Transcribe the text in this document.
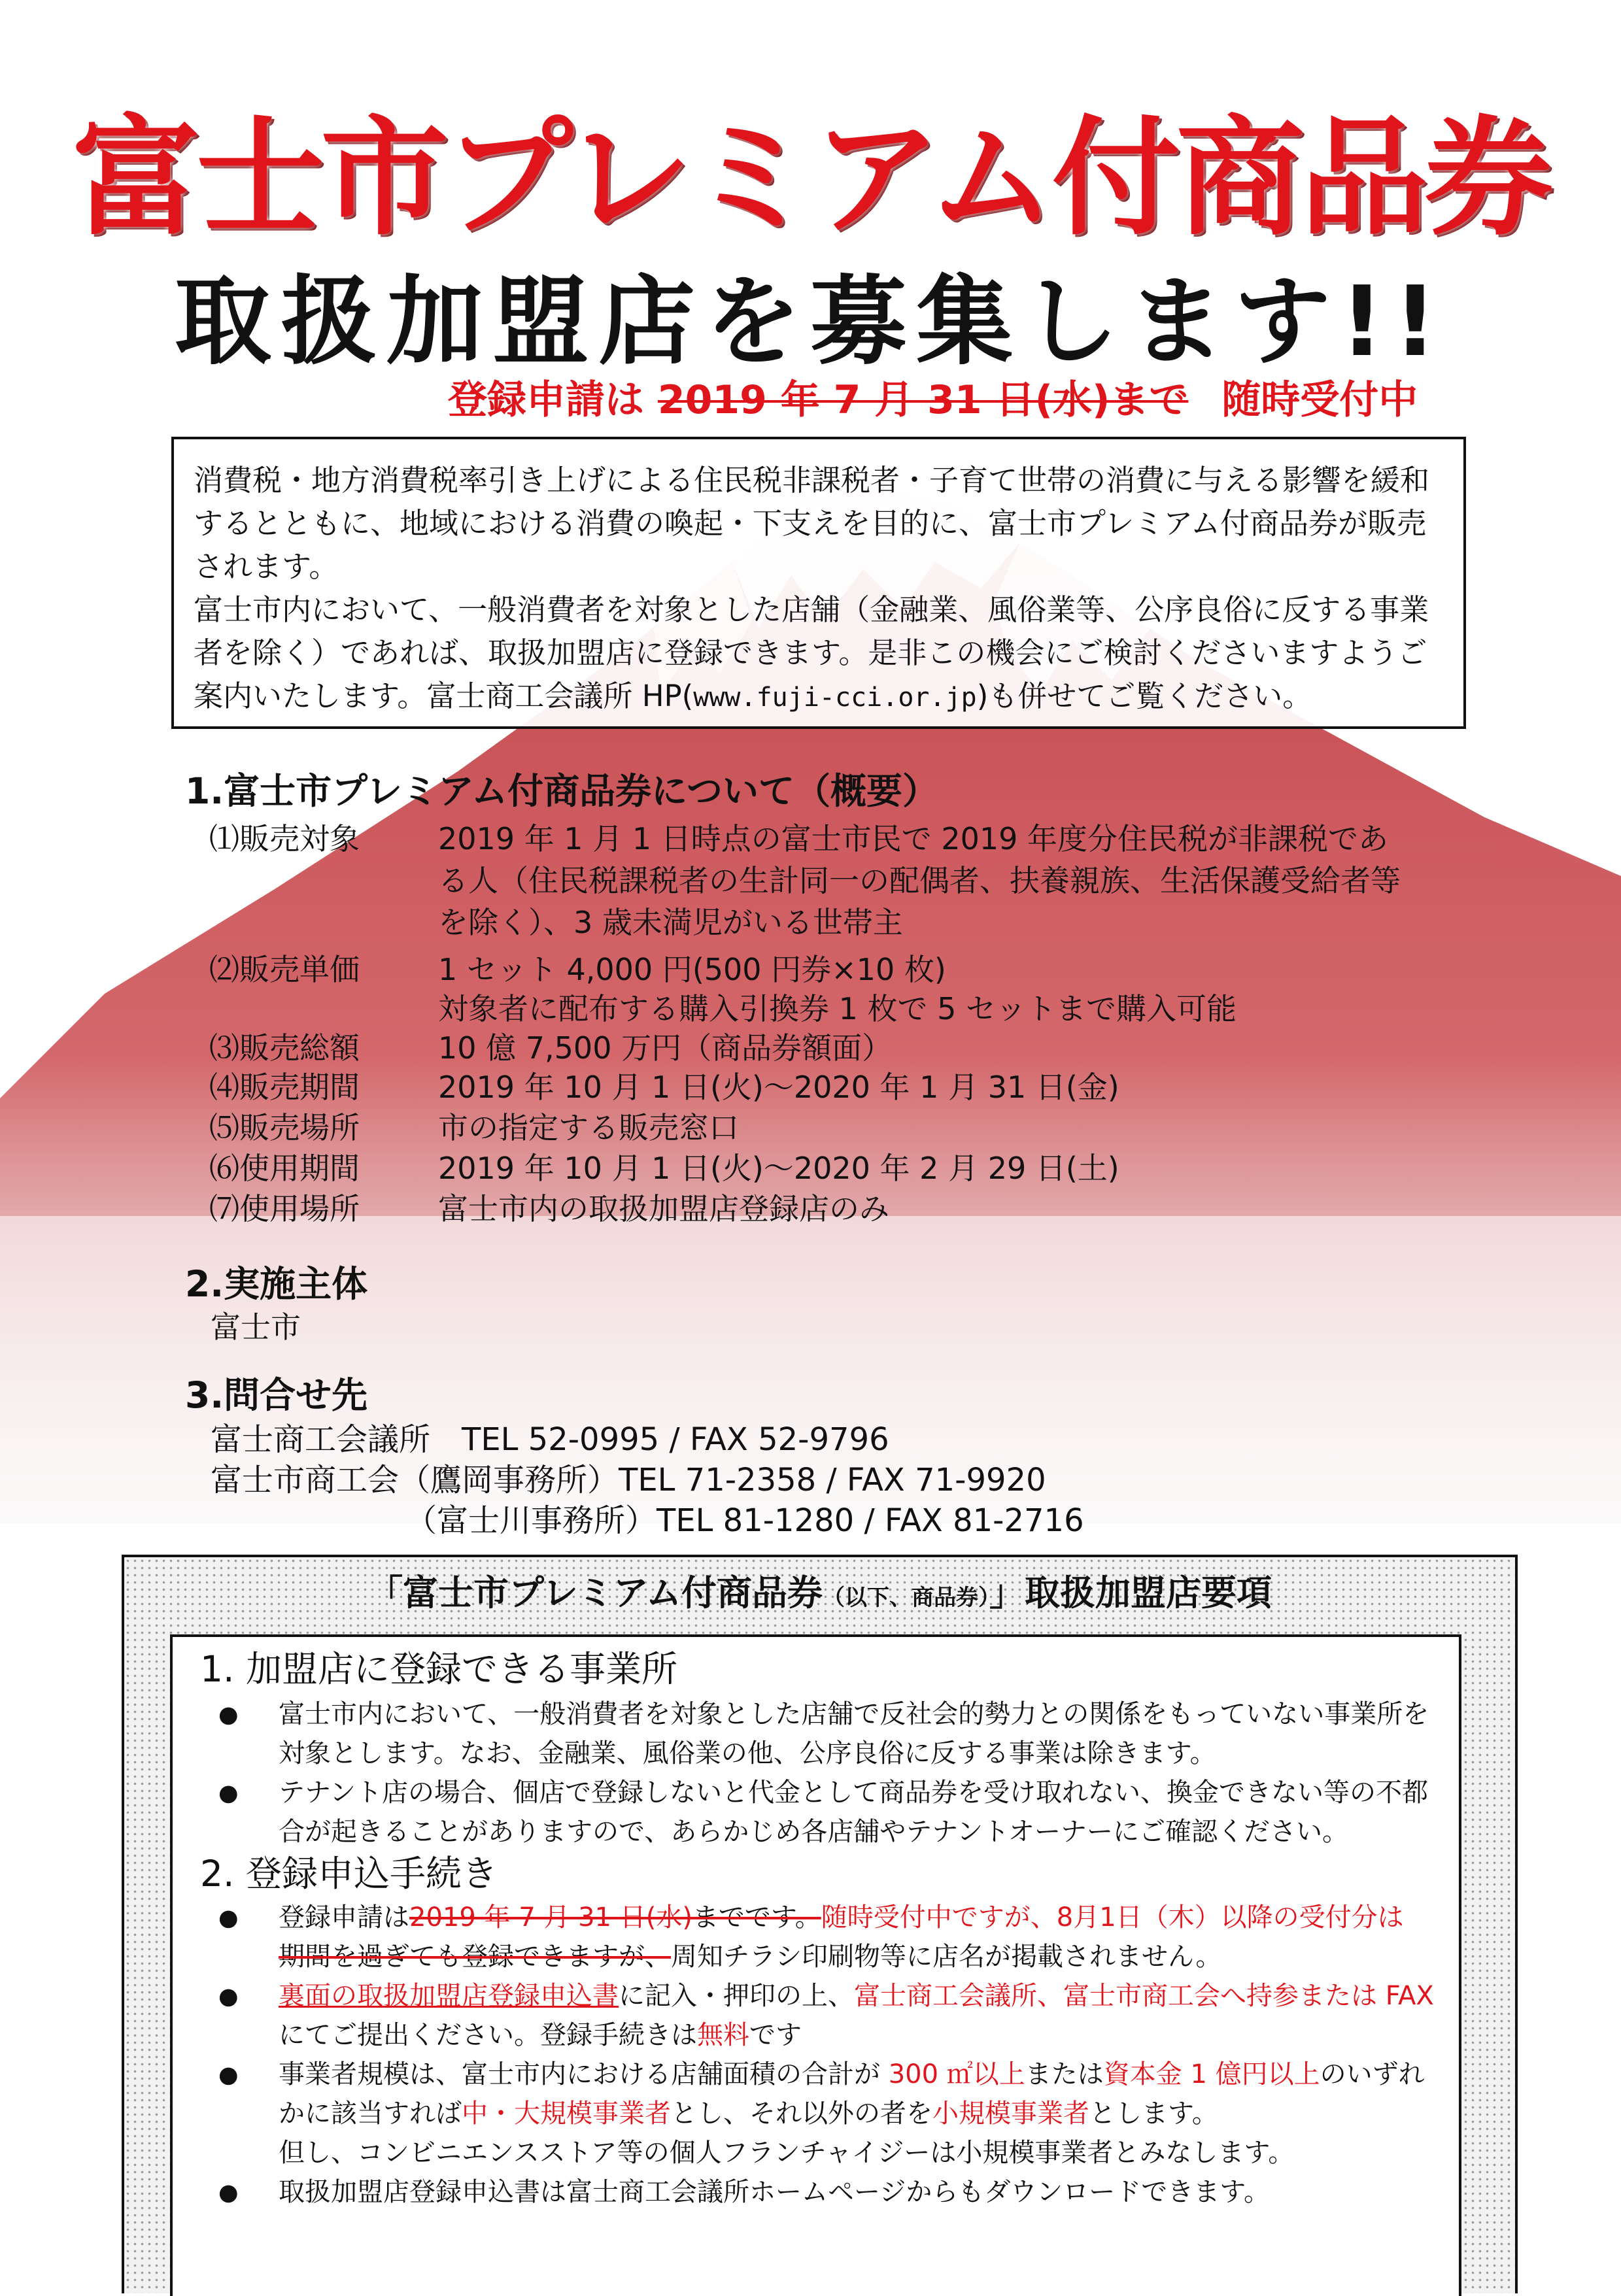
富士市プレミアム付商品券
取扱加盟店を募集します!!
登録申請は 2019 年 7 月 31 日(水)まで 随時受付中

消費税・地方消費税率引き上げによる住民税非課税者・子育て世帯の消費に与える影響を緩和するとともに、地域における消費の喚起・下支えを目的に、富士市プレミアム付商品券が販売されます。

富士市内において、一般消費者を対象とした店舗（金融業、風俗業等、公序良俗に反する事業者を除く）であれば、取扱加盟店に登録できます。是非この機会にご検討くださいますようご案内いたします。富士商工会議所 HP(www.fuji-cci.or.jp)も併せてご覧ください。

1.富士市プレミアム付商品券について（概要）
⑴販売対象	2019 年 1 月 1 日時点の富士市民で 2019 年度分住民税が非課税であ
る人（住民税課税者の生計同一の配偶者、扶養親族、生活保護受給者等
を除く）、3 歳未満児がいる世帯主
⑵販売単価	1 セット 4,000 円(500 円券×10 枚)
対象者に配布する購入引換券 1 枚で 5 セットまで購入可能
⑶販売総額	10 億 7,500 万円（商品券額面）
⑷販売期間	2019 年 10 月 1 日(火)～2020 年 1 月 31 日(金)
⑸販売場所	市の指定する販売窓口
⑹使用期間	2019 年 10 月 1 日(火)～2020 年 2 月 29 日(土)
⑺使用場所	富士市内の取扱加盟店登録店のみ
2.実施主体
富士市
3.問合せ先
富士商工会議所　TEL 52-0995 / FAX 52-9796
富士市商工会（鷹岡事務所）TEL 71-2358 / FAX 71-9920
（富士川事務所）TEL 81-1280 / FAX 81-2716
「富士市プレミアム付商品券（以下、商品券）」取扱加盟店要項
1. 加盟店に登録できる事業所
● 富士市内において、一般消費者を対象とした店舗で反社会的勢力との関係をもっていない事業所を対象とします。なお、金融業、風俗業の他、公序良俗に反する事業は除きます。
● テナント店の場合、個店で登録しないと代金として商品券を受け取れない、換金できない等の不都合が起きることがありますので、あらかじめ各店舗やテナントオーナーにご確認ください。
2. 登録申込手続き
● 登録申請は2019 年 7 月 31 日(水)までです。随時受付中ですが、8月1日（木）以降の受付分は
期間を過ぎても登録できますが、周知チラシ印刷物等に店名が掲載されません。
● 裏面の取扱加盟店登録申込書に記入・押印の上、富士商工会議所、富士市商工会へ持参または FAX
にてご提出ください。登録手続きは無料です
● 事業者規模は、富士市内における店舗面積の合計が 300 ㎡以上または資本金 1 億円以上のいずれかに該当すれば中・大規模事業者とし、それ以外の者を小規模事業者とします。
但し、コンビニエンスストア等の個人フランチャイジーは小規模事業者とみなします。
● 取扱加盟店登録申込書は富士商工会議所ホームページからもダウンロードできます。
